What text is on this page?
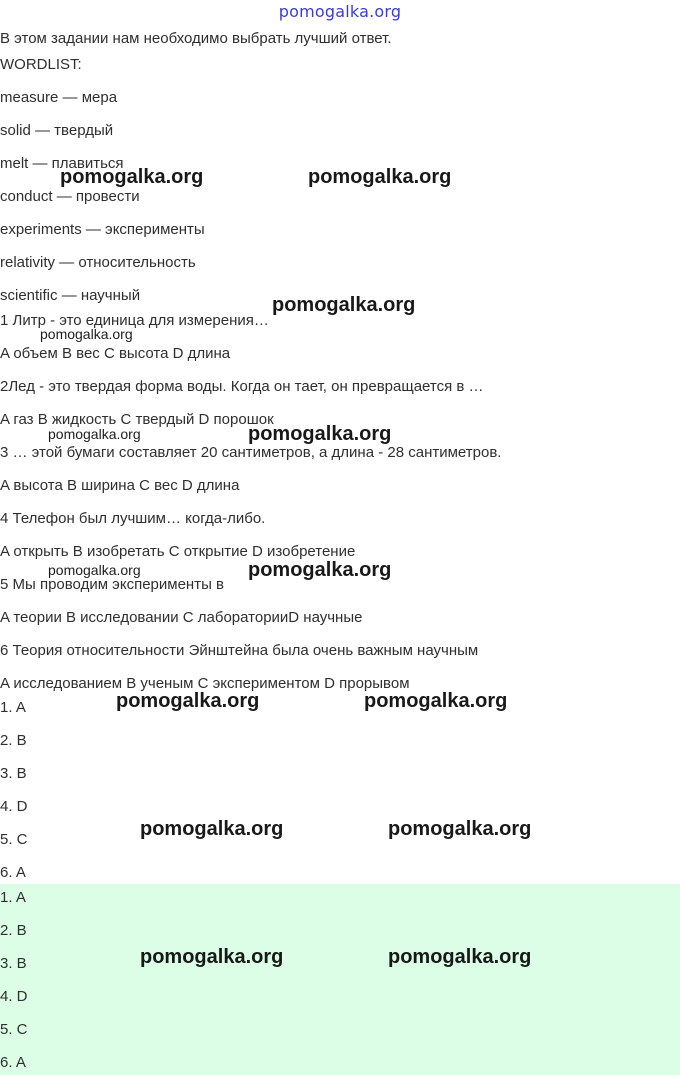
pomogalka.org
В этом задании нам необходимо выбрать лучший ответ.
WORDLIST:
measure — мера
solid — твердый
melt — плавиться
conduct — провести
experiments — эксперименты
relativity — относительность
scientific — научный
1 Литр - это единица для измерения…
A объем B вес C высота D длина
2Лед - это твердая форма воды. Когда он тает, он превращается в …
A газ B жидкость C твердый D порошок
3 … этой бумаги составляет 20 сантиметров, а длина - 28 сантиметров.
A высота B ширина C вес D длина
4 Телефон был лучшим… когда-либо.
A открыть B изобретать C открытие D изобретение
5 Мы проводим эксперименты в
A теории B исследовании C лабораторииD научные
6 Теория относительности Эйнштейна была очень важным научным
A исследованием B ученым C экспериментом D прорывом
1. A
2. B
3. B
4. D
5. C
6. A
1. A
2. B
3. B
4. D
5. C
6. A
pomogalka.org	pomogalka.org
pomogalka.org
pomogalka.org
pomogalka.org	pomogalka.org
pomogalka.org	pomogalka.org
pomogalka.org	pomogalka.org
pomogalka.org	pomogalka.org
pomogalka.org	pomogalka.org
